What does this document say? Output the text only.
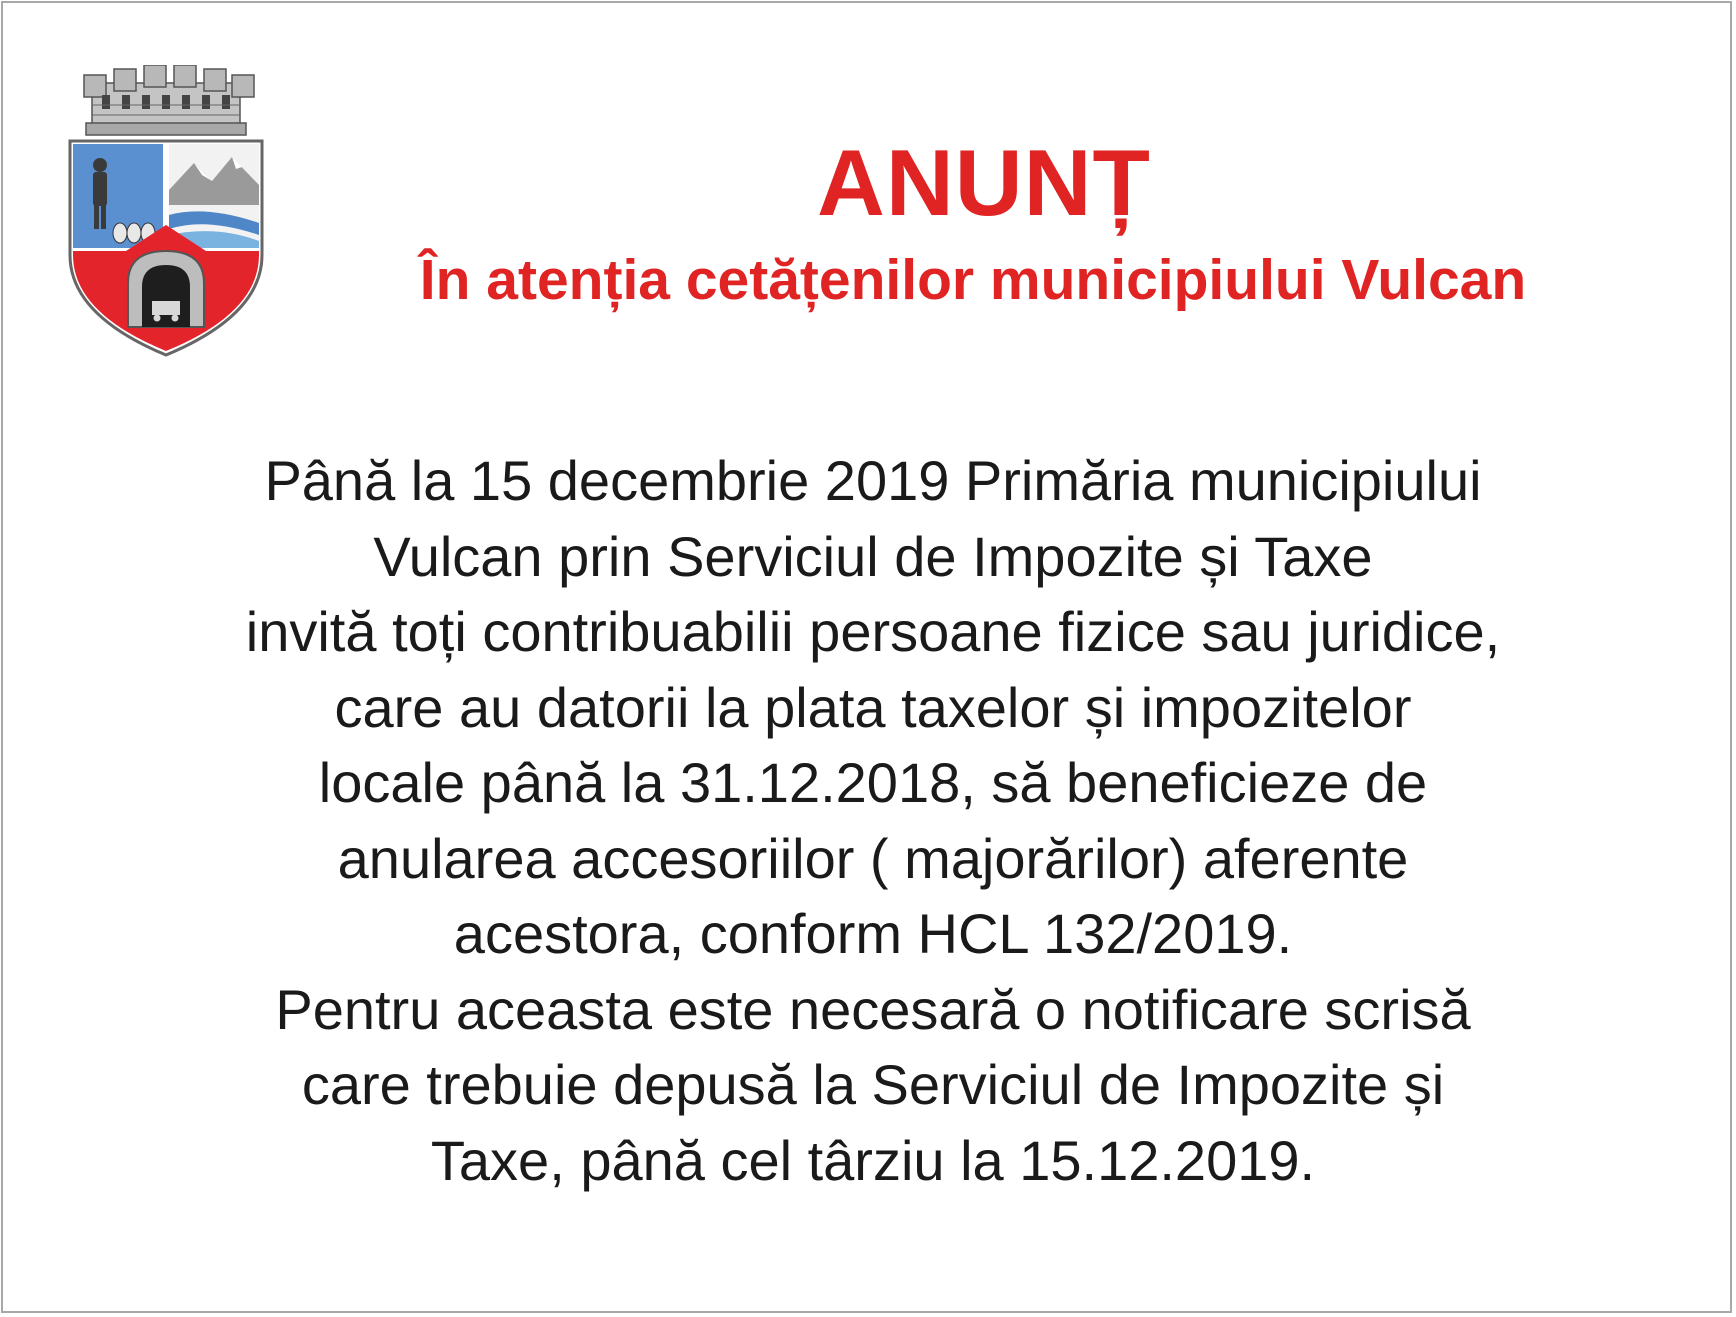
ANUNȚ
În atenția cetățenilor municipiului Vulcan
Până la 15 decembrie 2019 Primăria municipiului
Vulcan prin Serviciul de Impozite și Taxe
invită toți contribuabilii persoane fizice sau juridice,
care au datorii la plata taxelor și impozitelor
locale până la 31.12.2018, să beneficieze de
anularea accesoriilor ( majorărilor) aferente
acestora, conform HCL 132/2019.
Pentru aceasta este necesară o notificare scrisă
care trebuie depusă la Serviciul de Impozite și
Taxe, până cel târziu la 15.12.2019.
